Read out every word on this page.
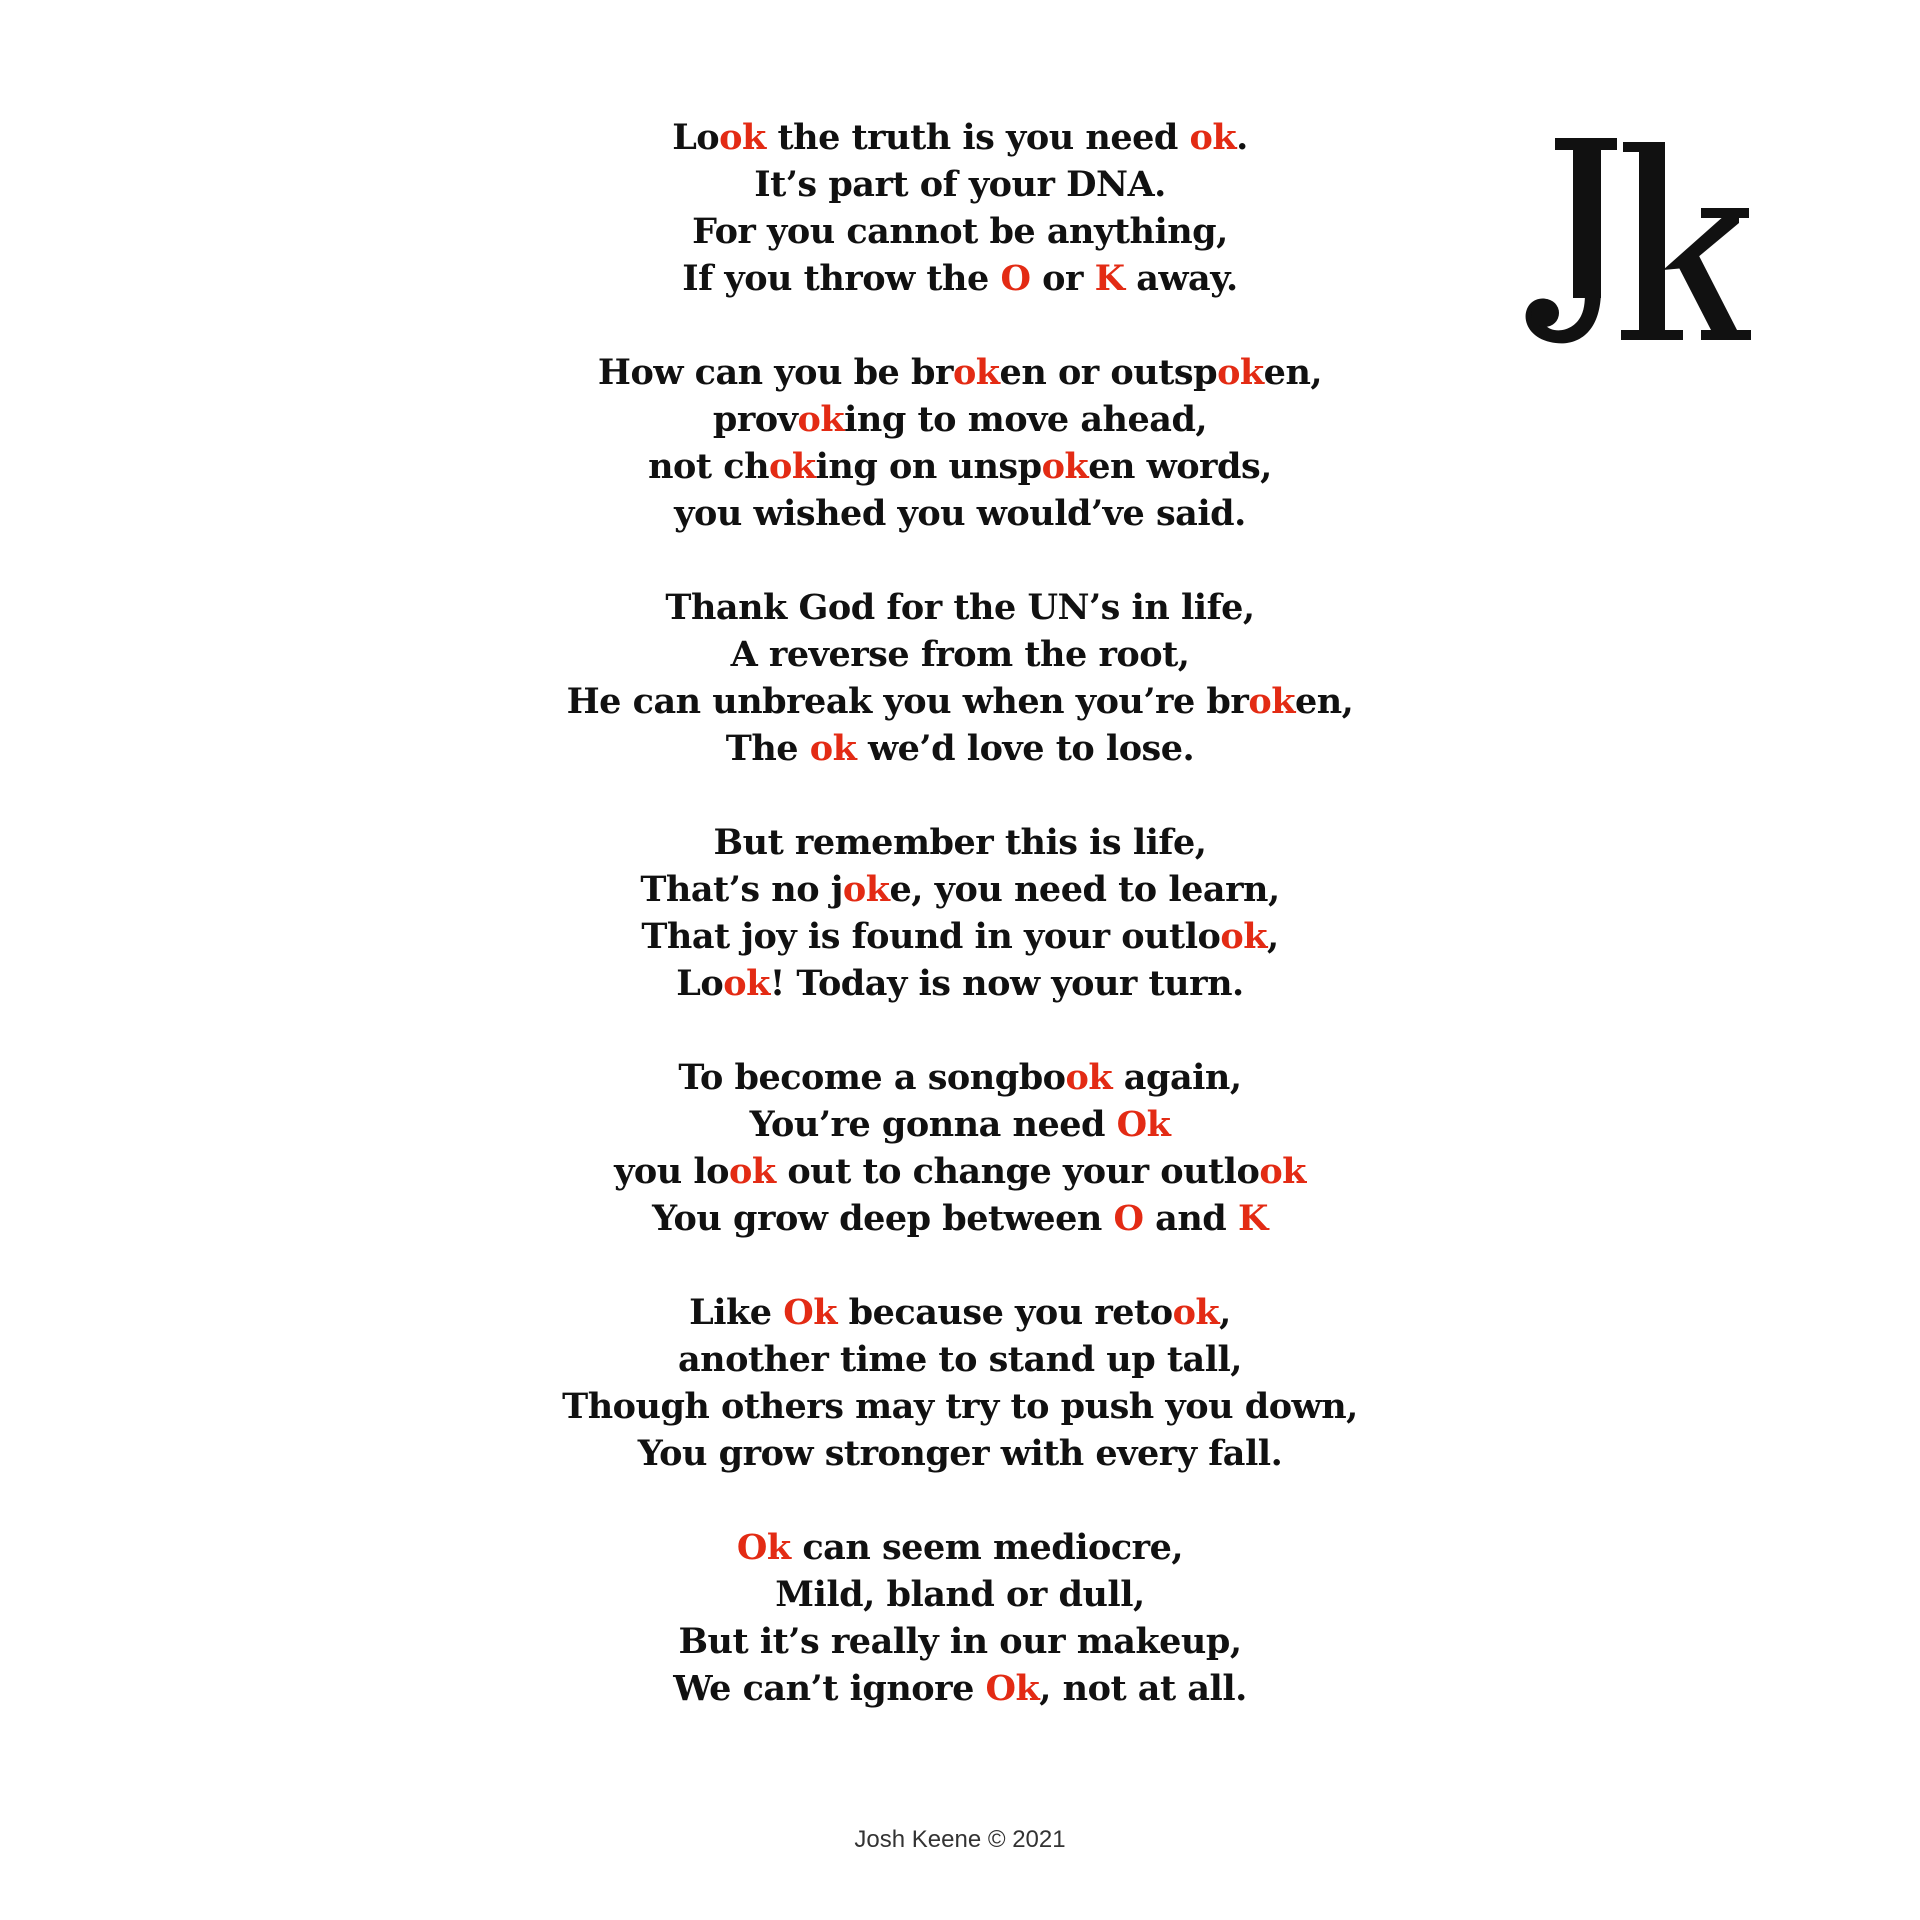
Look the truth is you need ok.
It’s part of your DNA.
For you cannot be anything,
If you throw the O or K away.
How can you be broken or outspoken,
provoking to move ahead,
not choking on unspoken words,
you wished you would’ve said.
Thank God for the UN’s in life,
A reverse from the root,
He can unbreak you when you’re broken,
The ok we’d love to lose.
But remember this is life,
That’s no joke, you need to learn,
That joy is found in your outlook,
Look! Today is now your turn.
To become a songbook again,
You’re gonna need Ok
you look out to change your outlook
You grow deep between O and K
Like Ok because you retook,
another time to stand up tall,
Though others may try to push you down,
You grow stronger with every fall.
Ok can seem mediocre,
Mild, bland or dull,
But it’s really in our makeup,
We can’t ignore Ok, not at all.
Josh Keene © 2021
